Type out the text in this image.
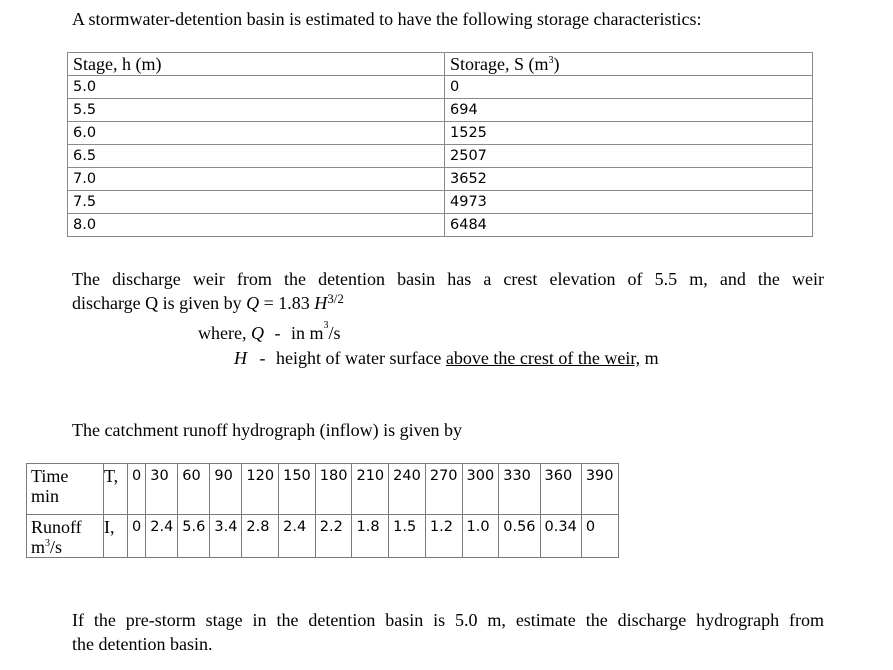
A stormwater-detention basin is estimated to have the following storage characteristics:
Stage, h (m)	Storage, S $(m^3)$
5.0	0
5.5	694
6.0	1525
6.5	2507
7.0	3652
7.5	4973
8.0	6484
The discharge weir from the detention basin has a crest elevation of 5.5 m, and the weir
discharge Q is given by Q = 1.83 $H^{3/2}$
where, Q - in $m^3/s$
H - height of water surface above the crest of the weir, m
The catchment runoff hydrograph (inflow) is given by
Time
min	T,	0	30	60	90	120	150	180	210	240	270	300	330	360	390
Runoff
$m^3/s$	I,	0	2.4	5.6	3.4	2.8	2.4	2.2	1.8	1.5	1.2	1.0	0.56	0.34	0
If the pre-storm stage in the detention basin is 5.0 m, estimate the discharge hydrograph from
the detention basin.
